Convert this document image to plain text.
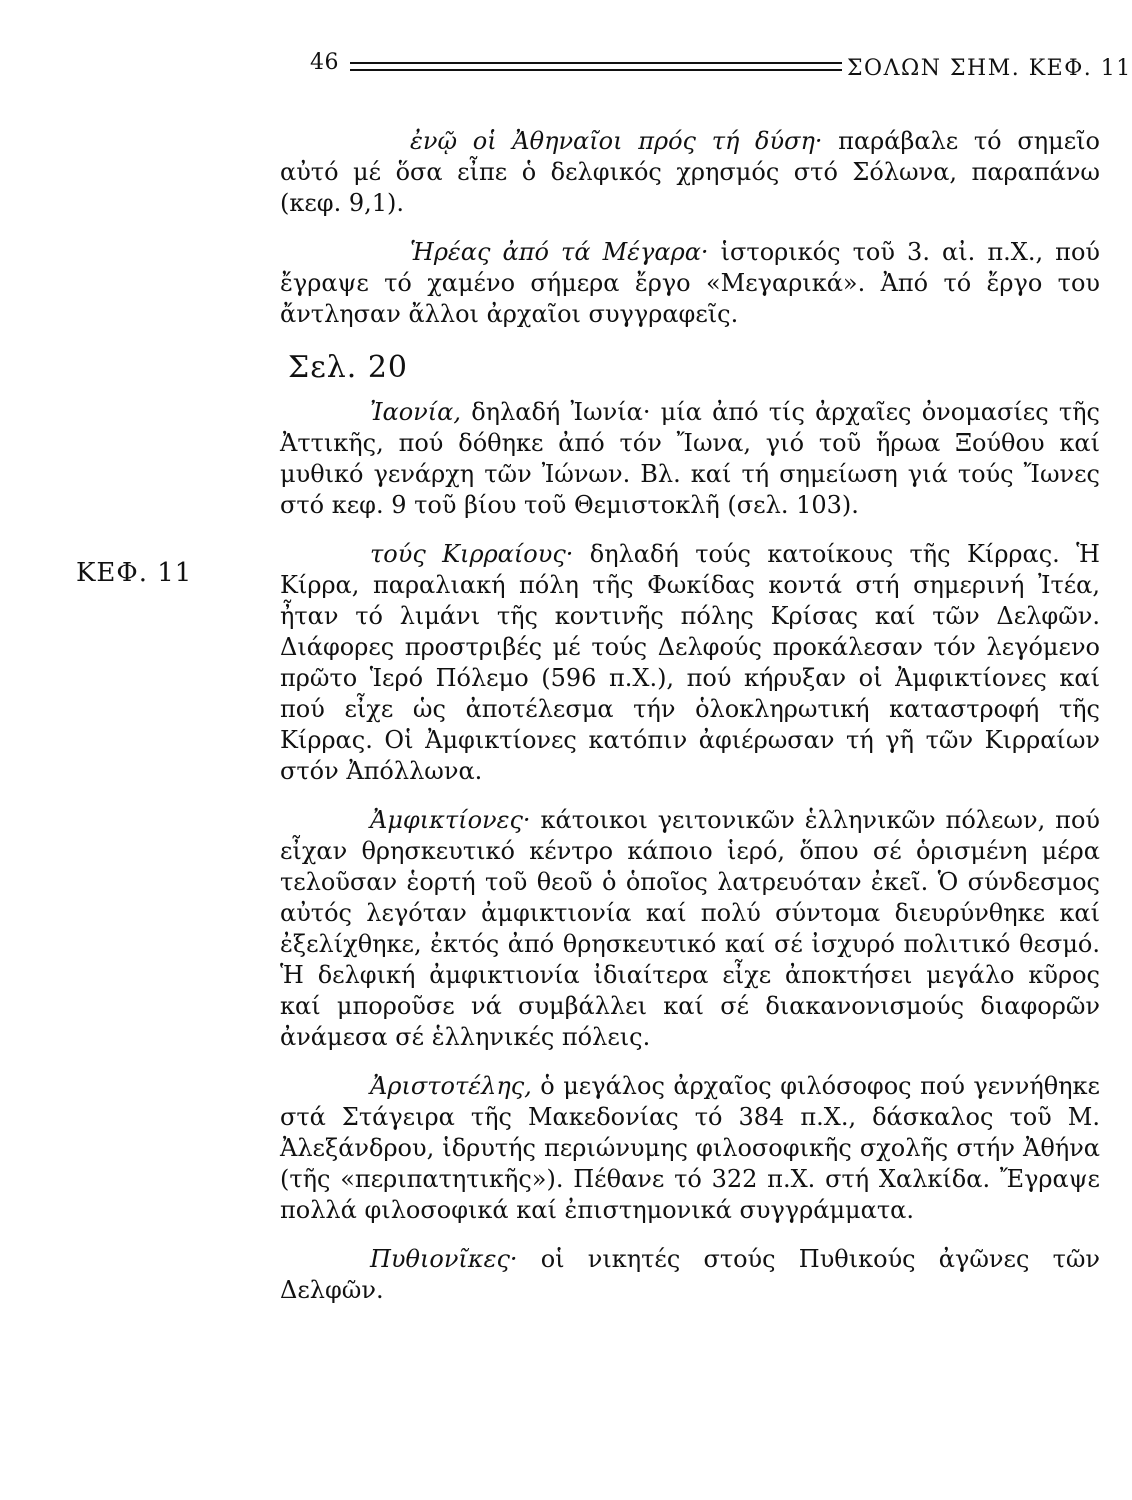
46	ΣΟΛΩΝ ΣΗΜ. ΚΕΦ. 11
ΚΕΦ. 11

ἐνῷ οἱ Ἀθηναῖοι πρός τή δύση· παράβαλε τό σημεῖο αὐτό μέ ὅσα εἶπε ὁ δελφικός χρησμός στό Σόλωνα, παραπάνω (κεφ. 9,1).

Ἡρέας ἀπό τά Μέγαρα· ἱστορικός τοῦ 3. αἰ. π.Χ., πού ἔγραψε τό χαμένο σήμερα ἔργο «Μεγαρικά». Ἀπό τό ἔργο του ἄντλησαν ἄλλοι ἀρχαῖοι συγγραφεῖς.

Σελ. 20

Ἰαονία, δηλαδή Ἰωνία· μία ἀπό τίς ἀρχαῖες ὀνομασίες τῆς Ἀττικῆς, πού δόθηκε ἀπό τόν Ἴωνα, γιό τοῦ ἥρωα Ξούθου καί μυθικό γενάρχη τῶν Ἰώνων. Βλ. καί τή σημείωση γιά τούς Ἴωνες στό κεφ. 9 τοῦ βίου τοῦ Θεμιστοκλῆ (σελ. 103).

τούς Κιρραίους· δηλαδή τούς κατοίκους τῆς Κίρρας. Ἡ Κίρρα, παραλιακή πόλη τῆς Φωκίδας κοντά στή σημερινή Ἰτέα, ἦταν τό λιμάνι τῆς κοντινῆς πόλης Κρίσας καί τῶν Δελφῶν. Διάφορες προστριβές μέ τούς Δελφούς προκάλεσαν τόν λεγόμενο πρῶτο Ἱερό Πόλεμο (596 π.Χ.), πού κήρυξαν οἱ Ἀμφικτίονες καί πού εἶχε ὡς ἀποτέλεσμα τήν ὁλοκληρωτική καταστροφή τῆς Κίρρας. Οἱ Ἀμφικτίονες κατόπιν ἀφιέρωσαν τή γῆ τῶν Κιρραίων στόν Ἀπόλλωνα.

Ἀμφικτίονες· κάτοικοι γειτονικῶν ἑλληνικῶν πόλεων, πού εἶχαν θρησκευτικό κέντρο κάποιο ἱερό, ὅπου σέ ὁρισμένη μέρα τελοῦσαν ἑορτή τοῦ θεοῦ ὁ ὁποῖος λατρευόταν ἐκεῖ. Ὁ σύνδεσμος αὐτός λεγόταν ἀμφικτιονία καί πολύ σύντομα διευρύνθηκε καί ἐξελίχθηκε, ἐκτός ἀπό θρησκευτικό καί σέ ἰσχυρό πολιτικό θεσμό. Ἡ δελφική ἀμφικτιονία ἰδιαίτερα εἶχε ἀποκτήσει μεγάλο κῦρος καί μποροῦσε νά συμβάλλει καί σέ διακανονισμούς διαφορῶν ἀνάμεσα σέ ἑλληνικές πόλεις.

Ἀριστοτέλης, ὁ μεγάλος ἀρχαῖος φιλόσοφος πού γεννήθηκε στά Στάγειρα τῆς Μακεδονίας τό 384 π.Χ., δάσκαλος τοῦ Μ. Ἀλεξάνδρου, ἱδρυτής περιώνυμης φιλοσοφικῆς σχολῆς στήν Ἀθήνα (τῆς «περιπατητικῆς»). Πέθανε τό 322 π.Χ. στή Χαλκίδα. Ἔγραψε πολλά φιλοσοφικά καί ἐπιστημονικά συγγράμματα.

Πυθιονῖκες· οἱ νικητές στούς Πυθικούς ἀγῶνες τῶν Δελφῶν.
